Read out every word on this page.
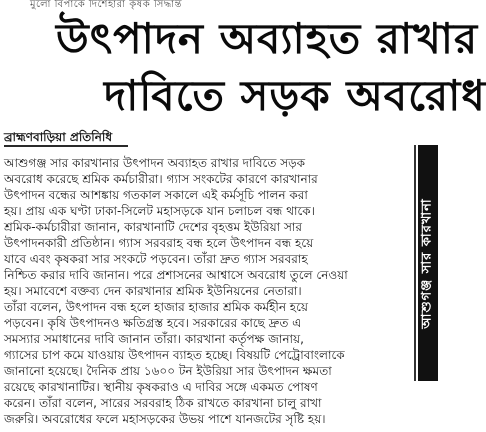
মুলো বিপাকে দিশেহারা কৃষক সিদ্ধান্ত
উৎপাদন অব্যাহত রাখার
দাবিতে সড়ক অবরোধ
ব্রাহ্মণবাড়িয়া প্রতিনিধি
আশুগঞ্জ সার কারখানার উৎপাদন অব্যাহত রাখার দাবিতে সড়ক
অবরোধ করেছে শ্রমিক কর্মচারীরা। গ্যাস সংকটের কারণে কারখানার
উৎপাদন বন্ধের আশঙ্কায় গতকাল সকালে এই কর্মসূচি পালন করা
হয়। প্রায় এক ঘণ্টা ঢাকা-সিলেট মহাসড়কে যান চলাচল বন্ধ থাকে।
শ্রমিক-কর্মচারীরা জানান, কারখানাটি দেশের বৃহত্তম ইউরিয়া সার
উৎপাদনকারী প্রতিষ্ঠান। গ্যাস সরবরাহ বন্ধ হলে উৎপাদন বন্ধ হয়ে
যাবে এবং কৃষকরা সার সংকটে পড়বেন। তাঁরা দ্রুত গ্যাস সরবরাহ
নিশ্চিত করার দাবি জানান। পরে প্রশাসনের আশ্বাসে অবরোধ তুলে নেওয়া
হয়। সমাবেশে বক্তব্য দেন কারখানার শ্রমিক ইউনিয়নের নেতারা।
তাঁরা বলেন, উৎপাদন বন্ধ হলে হাজার হাজার শ্রমিক কর্মহীন হয়ে
পড়বেন। কৃষি উৎপাদনও ক্ষতিগ্রস্ত হবে। সরকারের কাছে দ্রুত এ
সমস্যার সমাধানের দাবি জানান তাঁরা। কারখানা কর্তৃপক্ষ জানায়,
গ্যাসের চাপ কমে যাওয়ায় উৎপাদন ব্যাহত হচ্ছে। বিষয়টি পেট্রোবাংলাকে
জানানো হয়েছে। দৈনিক প্রায় ১৬০০ টন ইউরিয়া সার উৎপাদন ক্ষমতা
রয়েছে কারখানাটির। স্থানীয় কৃষকরাও এ দাবির সঙ্গে একমত পোষণ
করেন। তাঁরা বলেন, সারের সরবরাহ ঠিক রাখতে কারখানা চালু রাখা
জরুরি। অবরোধের ফলে মহাসড়কের উভয় পাশে যানজটের সৃষ্টি হয়।
আশুগঞ্জ সার কারখানা
